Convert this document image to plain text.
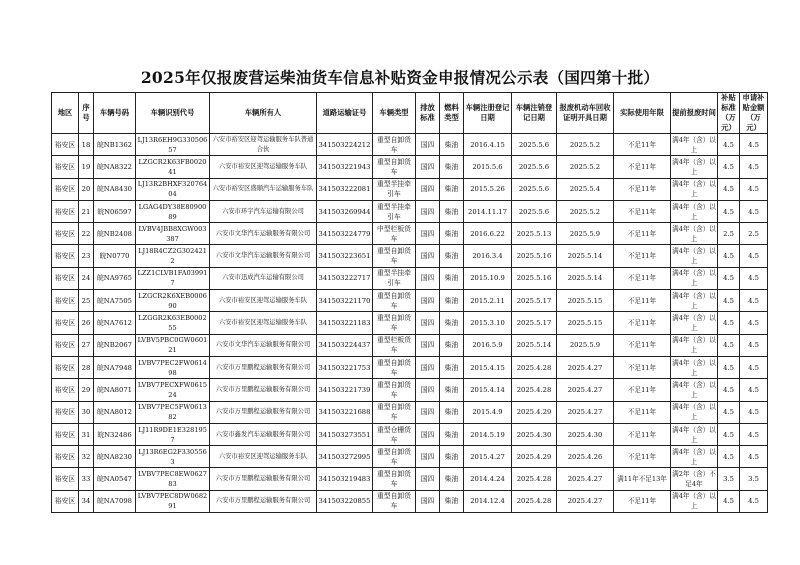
2025年仅报废营运柴油货车信息补贴资金申报情况公示表（国四第十批）
地区	序号	车辆号码	车辆识别代号	车辆所有人	道路运输证号	车辆类型	排放标准	燃料类型	车辆注册登记日期	车辆注销登记日期	报废机动车回收证明开具日期	实际使用年限	提前报废时间	补贴标准（万元）	申请补贴金额（万元）
裕安区	18	皖NB1362	LJ13R6EH9G33050657	六安市裕安区迎驾运输服务车队普通合伙	341503224212	重型自卸货车	国四	柴油	2016.4.15	2025.5.6	2025.5.2	不足11年	满4年（含）以上	4.5	4.5
裕安区	19	皖NA8322	LZGCR2K63FB002041	六安市裕安区迎驾运输服务车队	341503221943	重型自卸货车	国四	柴油	2015.5.6	2025.5.6	2025.5.2	不足11年	满4年（含）以上	4.5	4.5
裕安区	20	皖NA8430	LJ13R2BHXF32076404	六安市裕安区盛顺汽车运输服务车队	341503222081	重型半挂牵引车	国四	柴油	2015.5.26	2025.5.6	2025.5.4	不足11年	满4年（含）以上	4.5	4.5
裕安区	21	皖N06597	LGAG4DY38E8090089	六安市环宇汽车运输有限公司	341503269944	重型半挂牵引车	国四	柴油	2014.11.17	2025.5.6	2025.5.2	不足11年	满4年（含）以上	4.5	4.5
裕安区	22	皖NB2408	LVBV4JBB8XGW003387	六安市文华汽车运输服务有限公司	341503224779	中型栏板货车	国四	柴油	2016.6.22	2025.5.13	2025.5.9	不足11年	满4年（含）以上	2.5	2.5
裕安区	23	皖N0770	LJ18R4CZ2G3024212	六安市文华汽车运输服务有限公司	341503223651	重型自卸货车	国四	柴油	2016.3.4	2025.5.16	2025.5.14	不足11年	满4年（含）以上	4.5	4.5
裕安区	24	皖NA9765	LZZ1CLVB1FA039917	六安市迅成汽车运输有限公司	341503222717	重型半挂牵引车	国四	柴油	2015.10.9	2025.5.16	2025.5.14	不足11年	满4年（含）以上	4.5	4.5
裕安区	25	皖NA7505	LZGCR2K6XEB000690	六安市裕安区迎驾运输服务车队	341503221170	重型自卸货车	国四	柴油	2015.2.11	2025.5.17	2025.5.15	不足11年	满4年（含）以上	4.5	4.5
裕安区	26	皖NA7612	LZGGR2K63EB000255	六安市裕安区迎驾运输服务车队	341503221183	重型自卸货车	国四	柴油	2015.3.10	2025.5.17	2025.5.15	不足11年	满4年（含）以上	4.5	4.5
裕安区	27	皖NB2067	LVBV5PBC0GW060121	六安市文华汽车运输服务有限公司	341503224437	重型栏板货车	国四	柴油	2016.5.9	2025.5.14	2025.5.9	不足11年	满4年（含）以上	4.5	4.5
裕安区	28	皖NA7948	LVBV7PEC2FW061498	六安市万里鹏程运输服务有限公司	341503221753	重型自卸货车	国四	柴油	2015.4.15	2025.4.28	2025.4.27	不足11年	满4年（含）以上	4.5	4.5
裕安区	29	皖NA8071	LVBV7PECXFW061524	六安市万里鹏程运输服务有限公司	341503221739	重型自卸货车	国四	柴油	2015.4.14	2025.4.28	2025.4.27	不足11年	满4年（含）以上	4.5	4.5
裕安区	30	皖NA8012	LVBV7PEC5FW061382	六安市万里鹏程运输服务有限公司	341503221688	重型自卸货车	国四	柴油	2015.4.9	2025.4.29	2025.4.27	不足11年	满4年（含）以上	4.5	4.5
裕安区	31	皖N32486	LJ11R9DE1E3281957	六安市鑫发汽车运输服务有限公司	341503273551	重型仓栅货车	国四	柴油	2014.5.19	2025.4.30	2025.4.30	不足11年	满4年（含）以上	4.5	4.5
裕安区	32	皖NA8230	LJ13R6EG2F3305563	六安市裕安区迎驾运输服务车队	341503272995	重型自卸货车	国四	柴油	2015.4.27	2025.4.29	2025.4.26	不足11年	满4年（含）以上	4.5	4.5
裕安区	33	皖NA0547	LVBV7PEC8EW062783	六安市万里鹏程运输服务有限公司	341503219483	重型自卸货车	国四	柴油	2014.4.24	2025.4.28	2025.4.27	满11年不足13年	满2年（含）不足4年	3.5	3.5
裕安区	34	皖NA7098	LVBV7PEC8DW068291	六安市万里鹏程运输服务有限公司	341503220855	重型自卸货车	国四	柴油	2014.12.4	2025.4.28	2025.4.27	不足11年	满4年（含）以上	4.5	4.5
